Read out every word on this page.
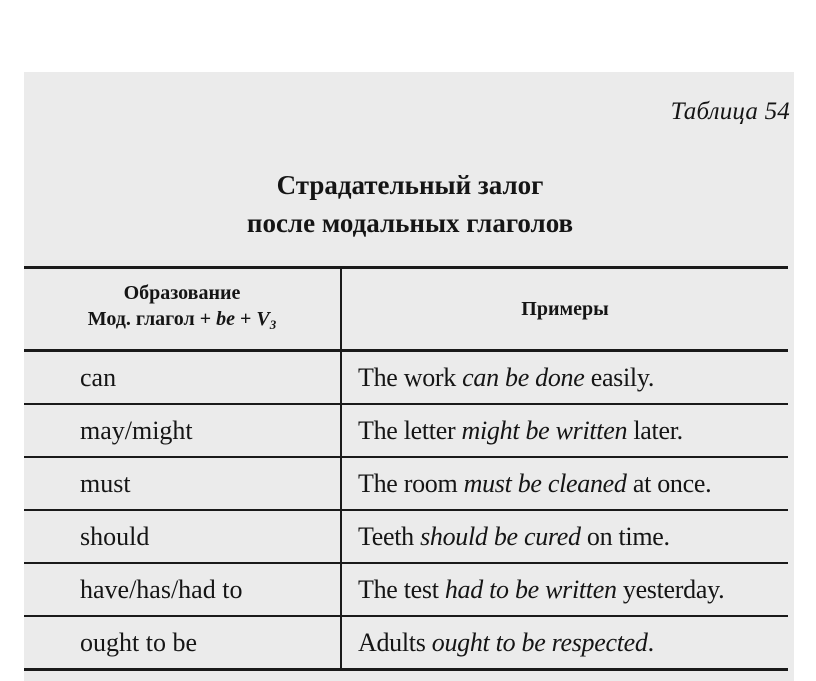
Таблица 54
Страдательный залог
после модальных глаголов
Образование
Мод. глагол + be + $V_3$	Примеры
can	The work can be done easily.
may/might	The letter might be written later.
must	The room must be cleaned at once.
should	Teeth should be cured on time.
have/has/had to	The test had to be written yesterday.
ought to be	Adults ought to be respected.
